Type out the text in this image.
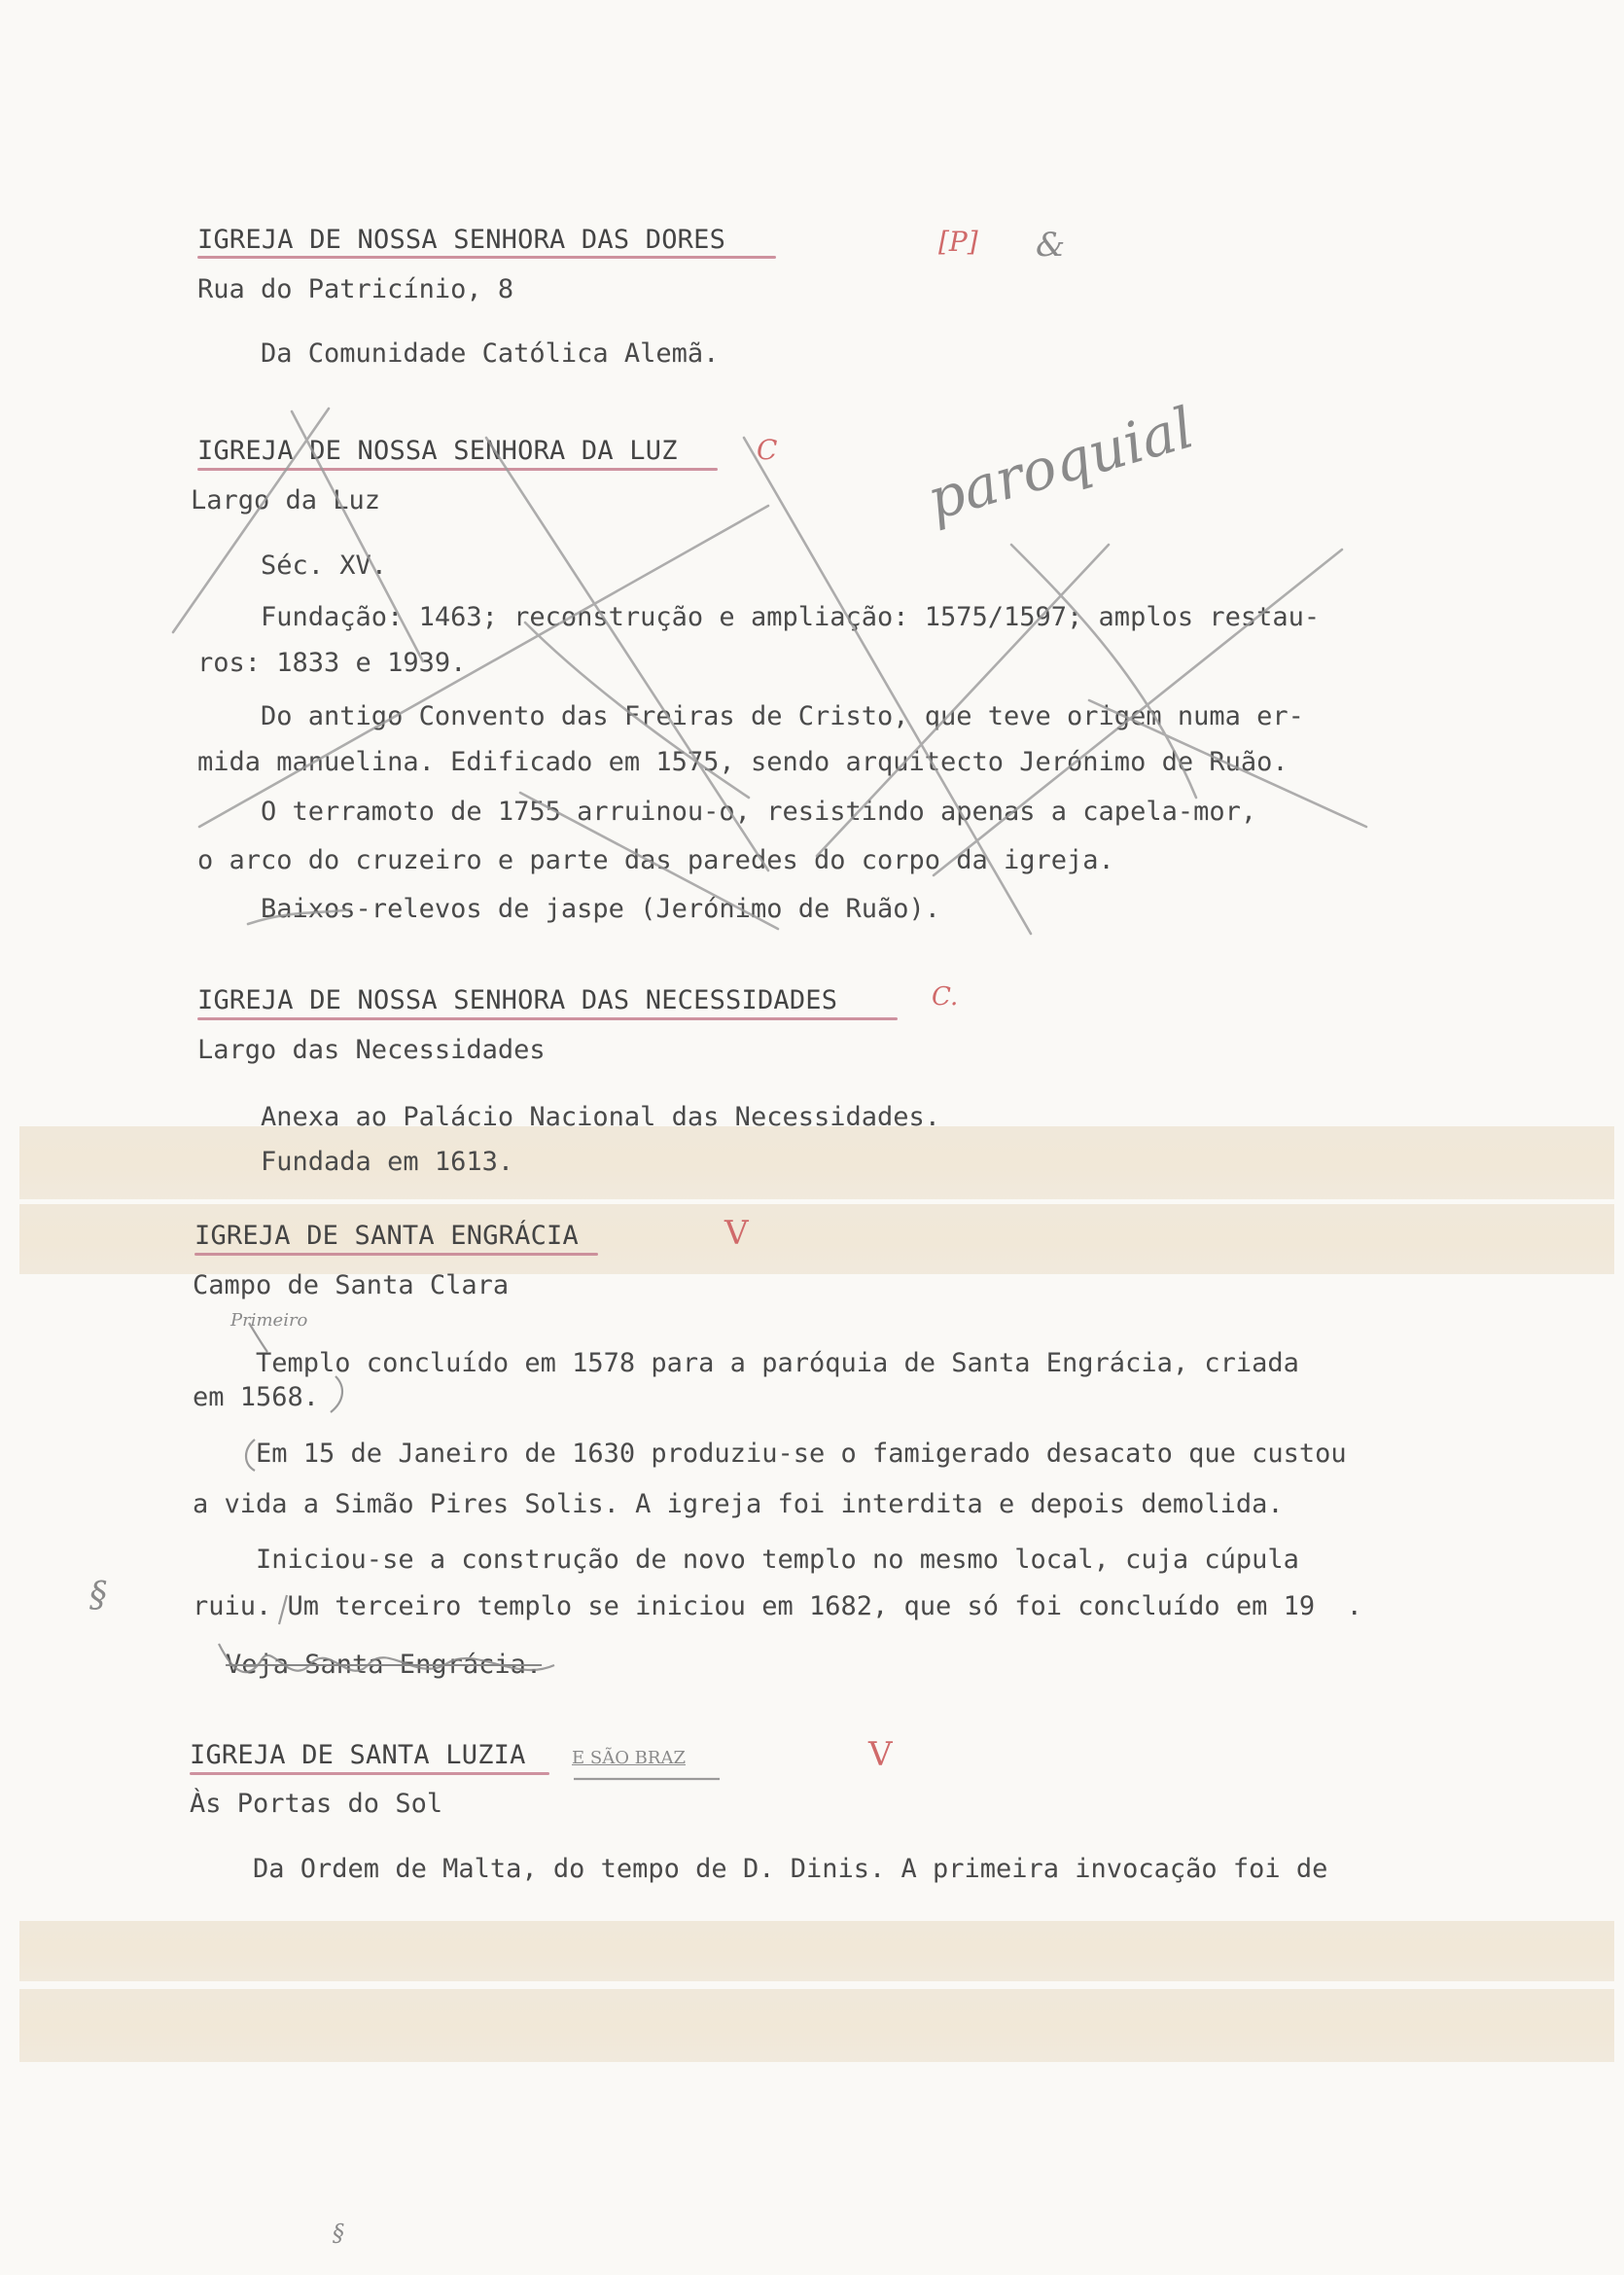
IGREJA DE NOSSA SENHORA DAS DORES	[P] &
Rua do Patricínio, 8
Da Comunidade Católica Alemã.
IGREJA DE NOSSA SENHORA DA LUZ	C
Largo da Luz
Séc. XV.
Fundação: 1463; reconstrução e ampliação: 1575/1597; amplos restau-
ros: 1833 e 1939.
Do antigo Convento das Freiras de Cristo, que teve origem numa er-
mida manuelina. Edificado em 1575, sendo arquitecto Jerónimo de Ruão.
O terramoto de 1755 arruinou-o, resistindo apenas a capela-mor,
o arco do cruzeiro e parte das paredes do corpo da igreja.
Baixos-relevos de jaspe (Jerónimo de Ruão).
paroquial
IGREJA DE NOSSA SENHORA DAS NECESSIDADES	C.
Largo das Necessidades
Anexa ao Palácio Nacional das Necessidades.
Fundada em 1613.
IGREJA DE SANTA ENGRÁCIA	V
Campo de Santa Clara
Primeiro
Templo concluído em 1578 para a paróquia de Santa Engrácia, criada
em 1568.
Em 15 de Janeiro de 1630 produziu-se o famigerado desacato que custou
a vida a Simão Pires Solis. A igreja foi interdita e depois demolida.
Iniciou-se a construção de novo templo no mesmo local, cuja cúpula
ruiu. Um terceiro templo se iniciou em 1682, que só foi concluído em 19  .
§
Veja Santa Engrácia.
IGREJA DE SANTA LUZIA	E SÃO BRAZ	V
Às Portas do Sol
Da Ordem de Malta, do tempo de D. Dinis. A primeira invocação foi de
§
